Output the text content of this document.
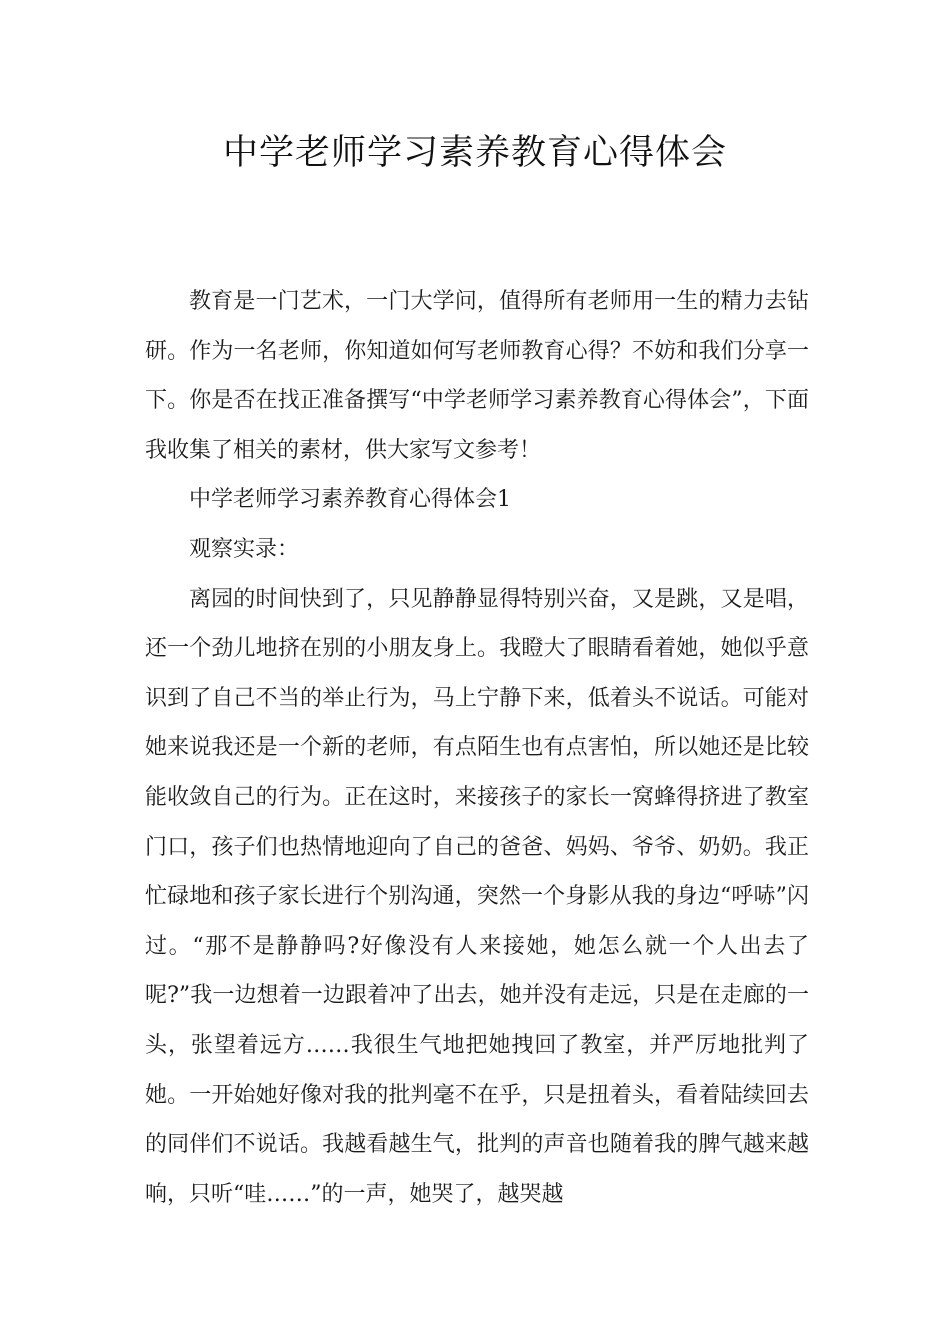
中学老师学习素养教育心得体会

教育是一门艺术，一门大学问，值得所有老师用一生的精力去钻研。作为一名老师，你知道如何写老师教育心得？不妨和我们分享一下。你是否在找正准备撰写“中学老师学习素养教育心得体会”，下面我收集了相关的素材，供大家写文参考！

中学老师学习素养教育心得体会1

观察实录：

离园的时间快到了，只见静静显得特别兴奋，又是跳，又是唱，还一个劲儿地挤在别的小朋友身上。我瞪大了眼睛看着她，她似乎意识到了自己不当的举止行为，马上宁静下来，低着头不说话。可能对她来说我还是一个新的老师，有点陌生也有点害怕，所以她还是比较能收敛自己的行为。正在这时，来接孩子的家长一窝蜂得挤进了教室门口，孩子们也热情地迎向了自己的爸爸、妈妈、爷爷、奶奶。我正忙碌地和孩子家长进行个别沟通，突然一个身影从我的身边“呼哧”闪过。“那不是静静吗?好像没有人来接她，她怎么就一个人出去了呢?”我一边想着一边跟着冲了出去，她并没有走远，只是在走廊的一头，张望着远方……我很生气地把她拽回了教室，并严厉地批判了她。一开始她好像对我的批判毫不在乎，只是扭着头，看着陆续回去的同伴们不说话。我越看越生气，批判的声音也随着我的脾气越来越响，只听“哇……”的一声，她哭了，越哭越
